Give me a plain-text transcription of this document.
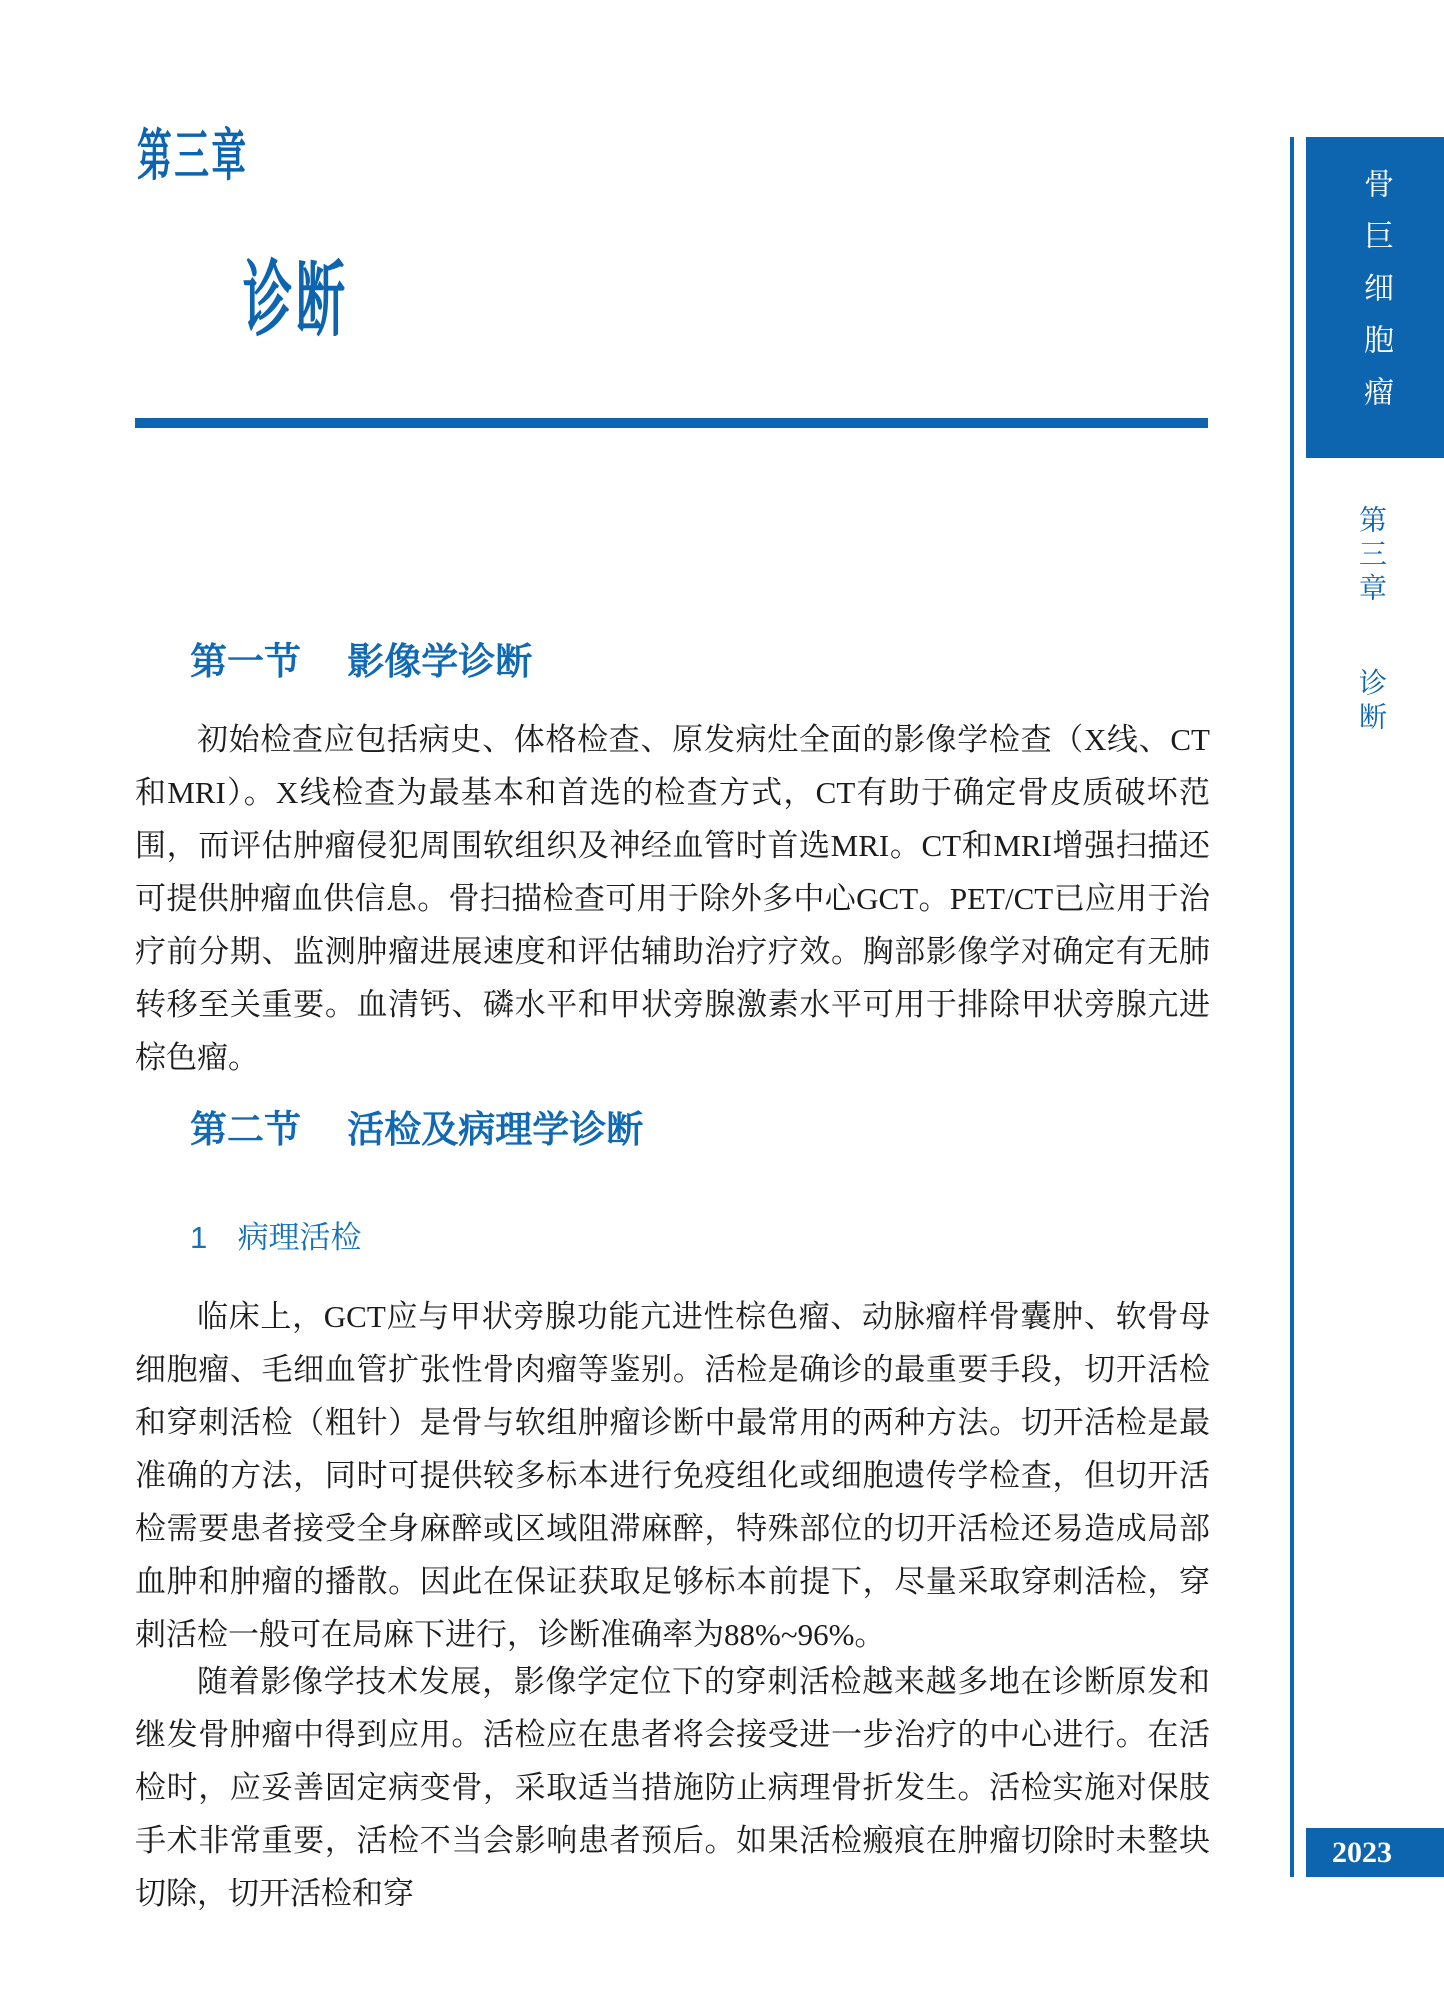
第三章
诊断	骨巨细胞瘤
第三章 诊断
2023
第一节 影像学诊断

初始检查应包括病史、体格检查、原发病灶全面的影像学检查（X线、CT和MRI）。X线检查为最基本和首选的检查方式，CT有助于确定骨皮质破坏范围，而评估肿瘤侵犯周围软组织及神经血管时首选MRI。CT和MRI增强扫描还可提供肿瘤血供信息。骨扫描检查可用于除外多中心GCT。PET/CT已应用于治疗前分期、监测肿瘤进展速度和评估辅助治疗疗效。胸部影像学对确定有无肺转移至关重要。血清钙、磷水平和甲状旁腺激素水平可用于排除甲状旁腺亢进棕色瘤。

第二节 活检及病理学诊断
1 病理活检

临床上，GCT应与甲状旁腺功能亢进性棕色瘤、动脉瘤样骨囊肿、软骨母细胞瘤、毛细血管扩张性骨肉瘤等鉴别。活检是确诊的最重要手段，切开活检和穿刺活检（粗针）是骨与软组肿瘤诊断中最常用的两种方法。切开活检是最准确的方法，同时可提供较多标本进行免疫组化或细胞遗传学检查，但切开活检需要患者接受全身麻醉或区域阻滞麻醉，特殊部位的切开活检还易造成局部血肿和肿瘤的播散。因此在保证获取足够标本前提下，尽量采取穿刺活检，穿刺活检一般可在局麻下进行，诊断准确率为88%~96%。

随着影像学技术发展，影像学定位下的穿刺活检越来越多地在诊断原发和继发骨肿瘤中得到应用。活检应在患者将会接受进一步治疗的中心进行。在活检时，应妥善固定病变骨，采取适当措施防止病理骨折发生。活检实施对保肢手术非常重要，活检不当会影响患者预后。如果活检瘢痕在肿瘤切除时未整块切除，切开活检和穿
